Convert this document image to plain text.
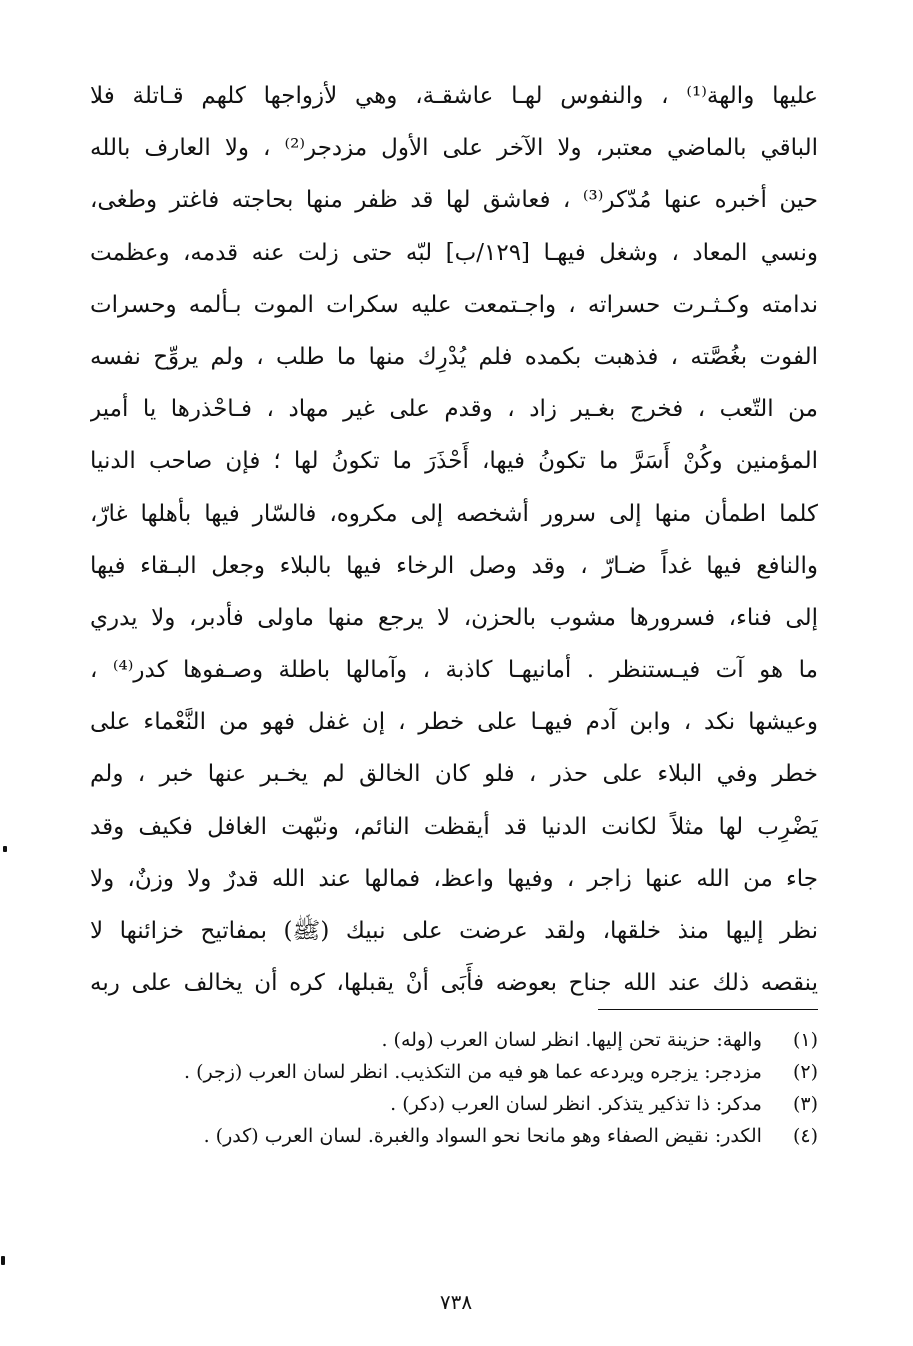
عليها والهة⁽¹⁾ ، والنفوس لهـا عاشقـة، وهي لأزواجها كلهم قـاتلة فلا
الباقي بالماضي معتبر، ولا الآخر على الأول مزدجر⁽²⁾ ، ولا العارف بالله
حين أخبره عنها مُدّكر⁽³⁾ ، فعاشق لها قد ظفر منها بحاجته فاغتر وطغى،
ونسي المعاد ، وشغل فيهـا [١٢٩/ب] لبّه حتى زلت عنه قدمه، وعظمت
ندامته وكـثـرت حسراته ، واجـتمعت عليه سكرات الموت بـألمه وحسرات
الفوت بغُصَّته ، فذهبت بكمده فلم يُدْرِك منها ما طلب ، ولم يروِّح نفسه
من التّعب ، فخرج بغـير زاد ، وقدم على غير مهاد ، فـاحْذرها يا أمير
المؤمنين وكُنْ أَسَرَّ ما تكونُ فيها، أَحْذَرَ ما تكونُ لها ؛ فإن صاحب الدنيا
كلما اطمأن منها إلى سرور أشخصه إلى مكروه، فالسّار فيها بأهلها غارّ،
والنافع فيها غداً ضـارّ ، وقد وصل الرخاء فيها بالبلاء وجعل البـقاء فيها
إلى فناء، فسرورها مشوب بالحزن، لا يرجع منها ماولى فأدبر، ولا يدري
ما هو آت فيـستنظر . أمانيهـا كاذبة ، وآمالها باطلة وصـفوها كدر⁽⁴⁾ ،
وعيشها نكد ، وابن آدم فيهـا على خطر ، إن غفل فهو من النَّعْماء على
خطر وفي البلاء على حذر ، فلو كان الخالق لم يخـبر عنها خبر ، ولم
يَضْرِب لها مثلاً لكانت الدنيا قد أيقظت النائم، ونبّهت الغافل فكيف وقد
جاء من الله عنها زاجر ، وفيها واعظ، فمالها عند الله قدرٌ ولا وزنٌ، ولا
نظر إليها منذ خلقها، ولقد عرضت على نبيك (ﷺ) بمفاتيح خزائنها لا
ينقصه ذلك عند الله جناح بعوضه فأَبَى أنْ يقبلها، كره أن يخالف على ربه
(١) والهة: حزينة تحن إليها. انظر لسان العرب (وله) .
(٢) مزدجر: يزجره ويردعه عما هو فيه من التكذيب. انظر لسان العرب (زجر) .
(٣) مدكر: ذا تذكير يتذكر. انظر لسان العرب (دكر) .
(٤) الكدر: نقيض الصفاء وهو مانحا نحو السواد والغبرة. لسان العرب (كدر) .
٧٣٨
